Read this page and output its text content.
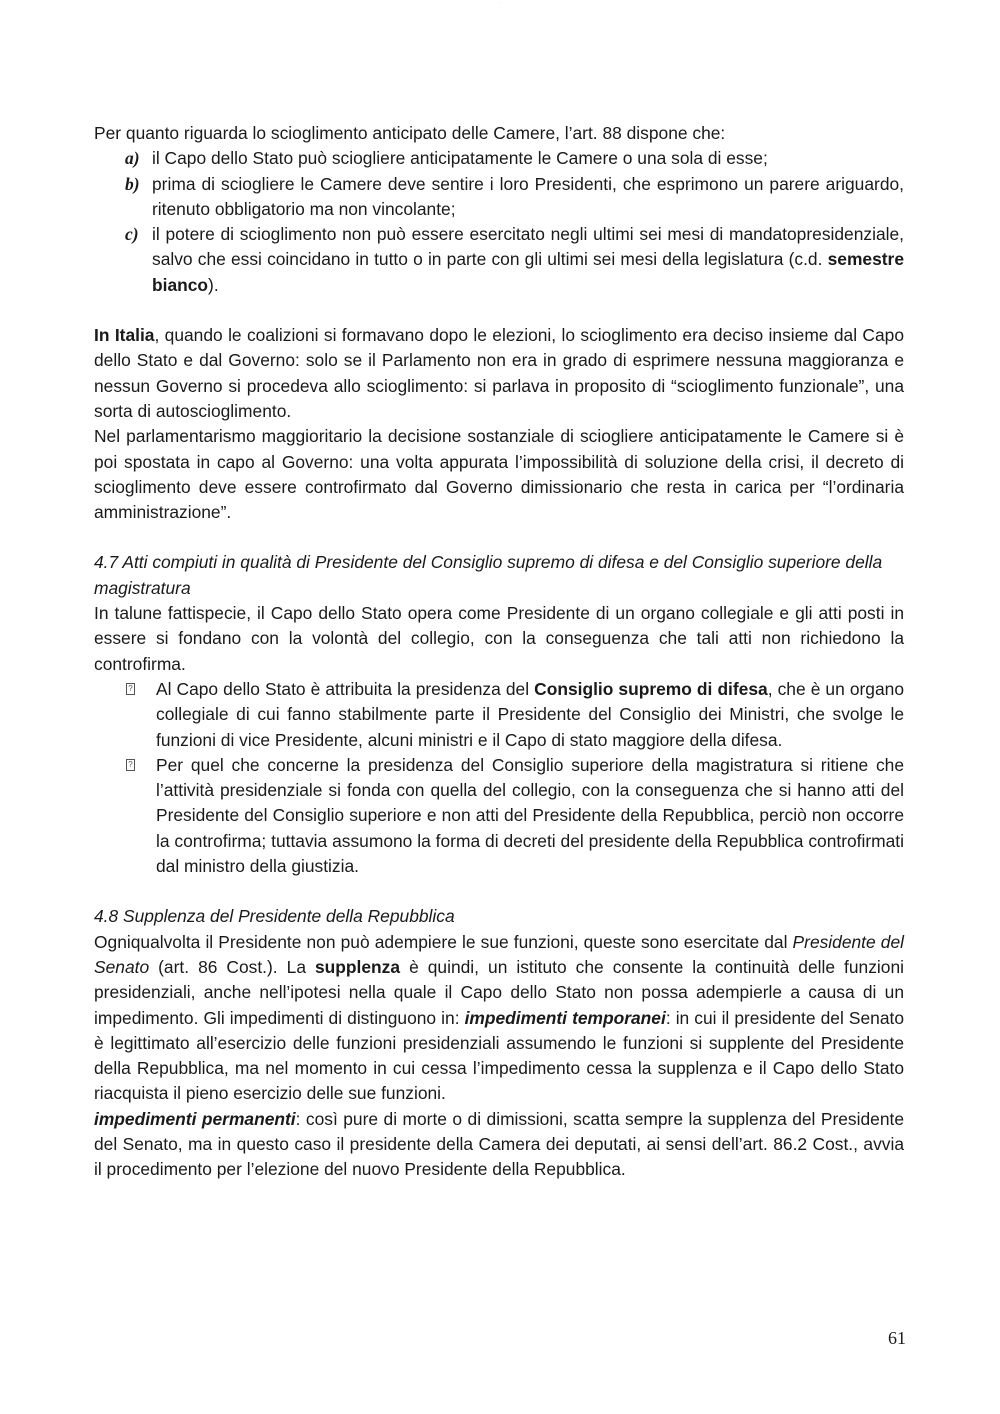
· · ·

Per quanto riguarda lo scioglimento anticipato delle Camere, l’art. 88 dispone che:

a) il Capo dello Stato può sciogliere anticipatamente le Camere o una sola di esse;
b) prima di sciogliere le Camere deve sentire i loro Presidenti, che esprimono un parere ariguardo, ritenuto obbligatorio ma non vincolante;
c) il potere di scioglimento non può essere esercitato negli ultimi sei mesi di mandatopresidenziale, salvo che essi coincidano in tutto o in parte con gli ultimi sei mesi della legislatura (c.d. semestre bianco).

In Italia, quando le coalizioni si formavano dopo le elezioni, lo scioglimento era deciso insieme dal Capo dello Stato e dal Governo: solo se il Parlamento non era in grado di esprimere nessuna maggioranza e nessun Governo si procedeva allo scioglimento: si parlava in proposito di “scioglimento funzionale”, una sorta di autoscioglimento.

Nel parlamentarismo maggioritario la decisione sostanziale di sciogliere anticipatamente le Camere si è poi spostata in capo al Governo: una volta appurata l’impossibilità di soluzione della crisi, il decreto di scioglimento deve essere controfirmato dal Governo dimissionario che resta in carica per “l’ordinaria amministrazione”.

4.7 Atti compiuti in qualità di Presidente del Consiglio supremo di difesa e del Consiglio superiore della magistratura

In talune fattispecie, il Capo dello Stato opera come Presidente di un organo collegiale e gli atti posti in essere si fondano con la volontà del collegio, con la conseguenza che tali atti non richiedono la controfirma.

? Al Capo dello Stato è attribuita la presidenza del Consiglio supremo di difesa, che è un organo collegiale di cui fanno stabilmente parte il Presidente del Consiglio dei Ministri, che svolge le funzioni di vice Presidente, alcuni ministri e il Capo di stato maggiore della difesa.
? Per quel che concerne la presidenza del Consiglio superiore della magistratura si ritiene che l’attività presidenziale si fonda con quella del collegio, con la conseguenza che si hanno atti del Presidente del Consiglio superiore e non atti del Presidente della Repubblica, perciò non occorre la controfirma; tuttavia assumono la forma di decreti del presidente della Repubblica controfirmati dal ministro della giustizia.

4.8 Supplenza del Presidente della Repubblica

Ogniqualvolta il Presidente non può adempiere le sue funzioni, queste sono esercitate dal Presidente del Senato (art. 86 Cost.). La supplenza è quindi, un istituto che consente la continuità delle funzioni presidenziali, anche nell’ipotesi nella quale il Capo dello Stato non possa adempierle a causa di un impedimento. Gli impedimenti di distinguono in: impedimenti temporanei: in cui il presidente del Senato è legittimato all’esercizio delle funzioni presidenziali assumendo le funzioni si supplente del Presidente della Repubblica, ma nel momento in cui cessa l’impedimento cessa la supplenza e il Capo dello Stato riacquista il pieno esercizio delle sue funzioni.

impedimenti permanenti: così pure di morte o di dimissioni, scatta sempre la supplenza del Presidente del Senato, ma in questo caso il presidente della Camera dei deputati, ai sensi dell’art. 86.2 Cost., avvia il procedimento per l’elezione del nuovo Presidente della Repubblica.

61
